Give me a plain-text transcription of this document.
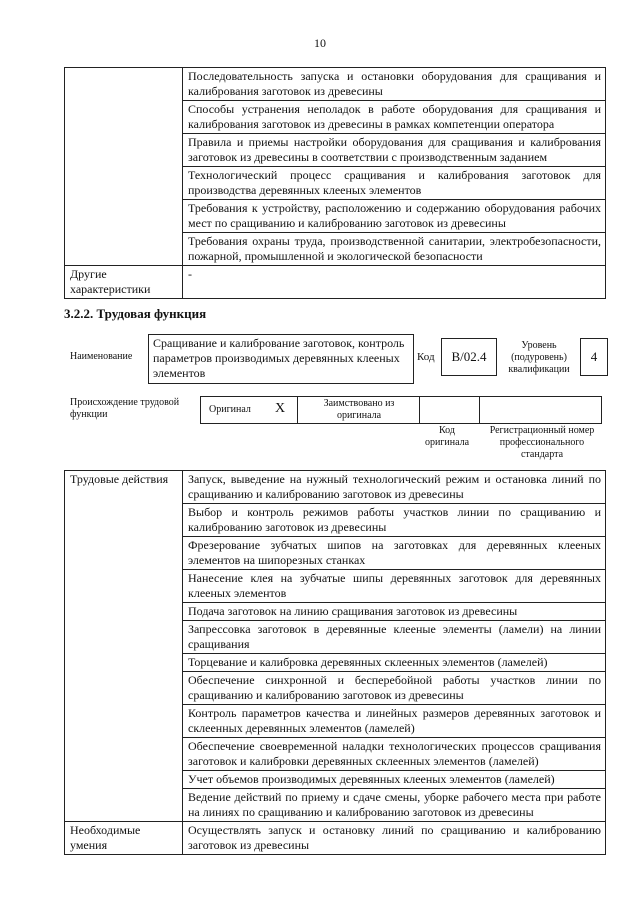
10
	Последовательность запуска и остановки оборудования для сращивания и калибрования заготовок из древесины
	Способы устранения неполадок в работе оборудования для сращивания и калибрования заготовок из древесины в рамках компетенции оператора
	Правила и приемы настройки оборудования для сращивания и калибрования заготовок из древесины в соответствии с производственным заданием
	Технологический процесс сращивания и калибрования заготовок для производства деревянных клееных элементов
	Требования к устройству, расположению и содержанию оборудования рабочих мест по сращиванию и калиброванию заготовок из древесины
	Требования охраны труда, производственной санитарии, электробезопасности, пожарной, промышленной и экологической безопасности
Другие характеристики	-
3.2.2. Трудовая функция
Наименование
Сращивание и калибрование заготовок, контроль параметров производимых деревянных клееных элементов
Код	B/02.4
Уровень (подуровень) квалификации
4
Происхождение трудовой функции	Оригинал X	Заимствовано из оригинала
Код оригинала
Регистрационный номер профессионального стандарта
Трудовые действия	Запуск, выведение на нужный технологический режим и остановка линий по сращиванию и калиброванию заготовок из древесины
	Выбор и контроль режимов работы участков линии по сращиванию и калиброванию заготовок из древесины
	Фрезерование зубчатых шипов на заготовках для деревянных клееных элементов на шипорезных станках
	Нанесение клея на зубчатые шипы деревянных заготовок для деревянных клееных элементов
	Подача заготовок на линию сращивания заготовок из древесины
	Запрессовка заготовок в деревянные клееные элементы (ламели) на линии сращивания
	Торцевание и калибровка деревянных склеенных элементов (ламелей)
	Обеспечение синхронной и бесперебойной работы участков линии по сращиванию и калиброванию заготовок из древесины
	Контроль параметров качества и линейных размеров деревянных заготовок и склеенных деревянных элементов (ламелей)
	Обеспечение своевременной наладки технологических процессов сращивания заготовок и калибровки деревянных склеенных элементов (ламелей)
	Учет объемов производимых деревянных клееных элементов (ламелей)
	Ведение действий по приему и сдаче смены, уборке рабочего места при работе на линиях по сращиванию и калиброванию заготовок из древесины
Необходимые умения	Осуществлять запуск и остановку линий по сращиванию и калиброванию заготовок из древесины
